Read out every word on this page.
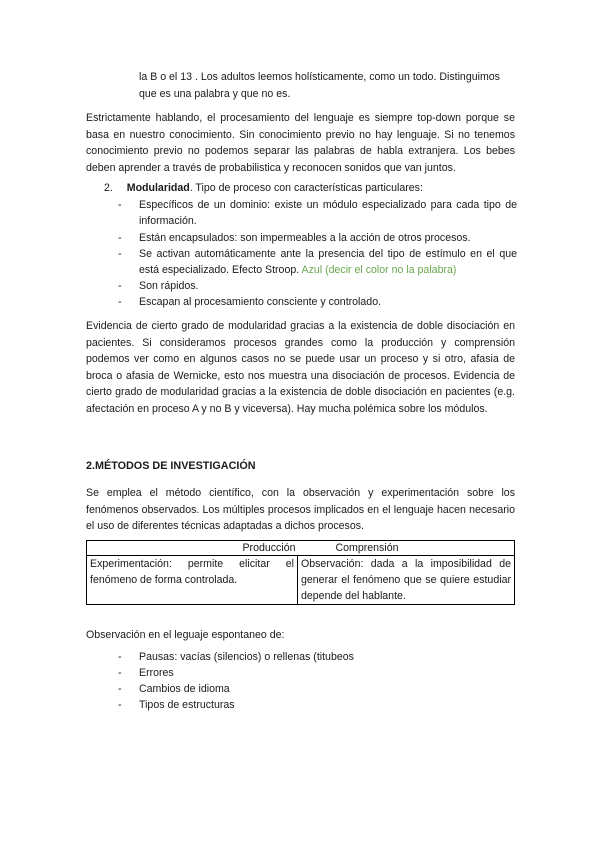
la B o el 13 . Los adultos leemos holísticamente, como un todo. Distinguimos
que es una palabra y que no es.
Estrictamente hablando, el procesamiento del lenguaje es siempre top-down porque se basa en nuestro conocimiento. Sin conocimiento previo no hay lenguaje. Si no tenemos conocimiento previo no podemos separar las palabras de habla extranjera. Los bebes deben aprender a través de probabilistica y reconocen sonidos que van juntos.
2. Modularidad. Tipo de proceso con características particulares:
- Específicos de un dominio: existe un módulo especializado para cada tipo de información.
- Están encapsulados: son impermeables a la acción de otros procesos.
- Se activan automáticamente ante la presencia del tipo de estímulo en el que está especializado. Efecto Stroop. Azul (decir el color no la palabra)
- Son rápidos.
- Escapan al procesamiento consciente y controlado.
Evidencia de cierto grado de modularidad gracias a la existencia de doble disociación en pacientes. Si consideramos procesos grandes como la producción y comprensión podemos ver como en algunos casos no se puede usar un proceso y si otro, afasia de broca o afasia de Wernicke, esto nos muestra una disociación de procesos. Evidencia de cierto grado de modularidad gracias a la existencia de doble disociación en pacientes (e.g. afectación en proceso A y no B y viceversa). Hay mucha polémica sobre los módulos.
2.MÉTODOS DE INVESTIGACIÓN
Se emplea el método científico, con la observación y experimentación sobre los fenómenos observados. Los múltiples procesos implicados en el lenguaje hacen necesario el uso de diferentes técnicas adaptadas a dichos procesos.
Producción	Comprensión

Experimentación: permite elicitar el fenómeno de forma controlada.	Observación: dada a la imposibilidad de generar el fenómeno que se quiere estudiar depende del hablante.
Observación en el leguaje espontaneo de:
- Pausas: vacías (silencios) o rellenas (titubeos
- Errores
- Cambios de idioma
- Tipos de estructuras
